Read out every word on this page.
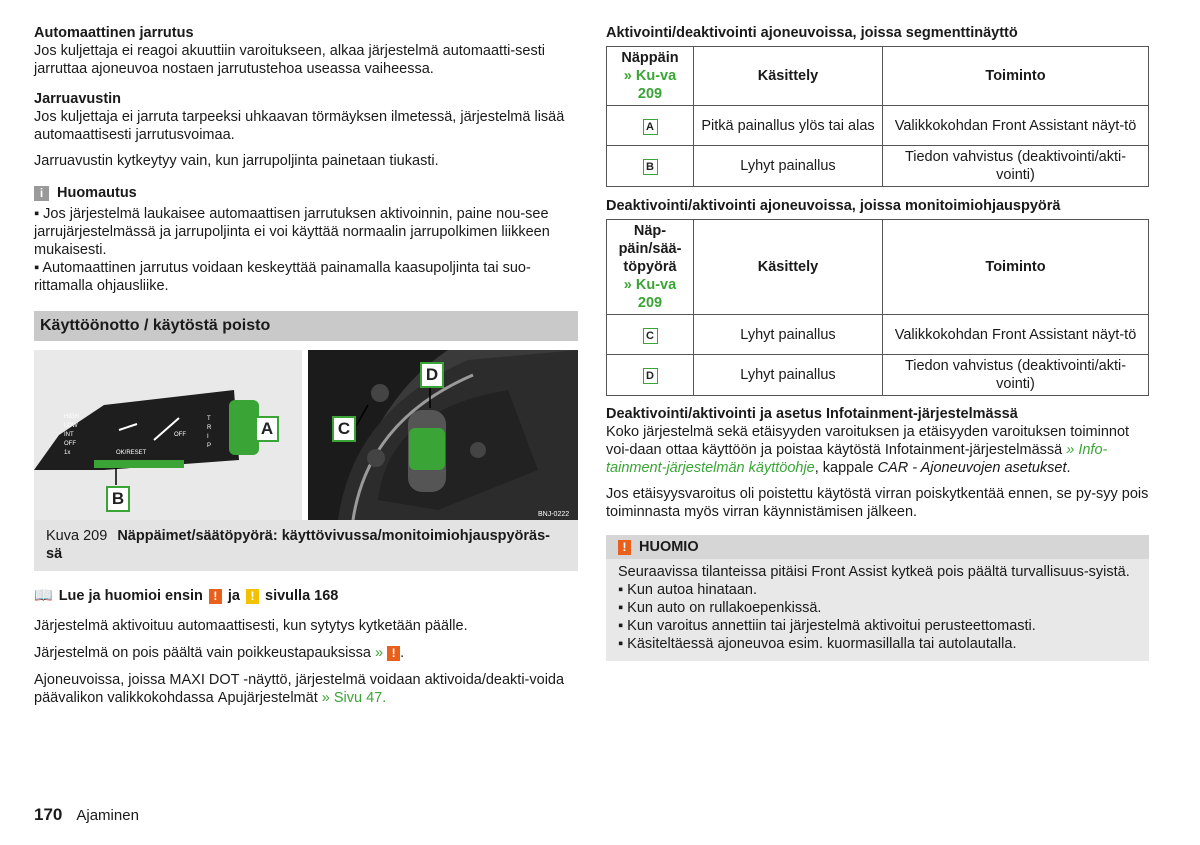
Automaattinen jarrutus

Jos kuljettaja ei reagoi akuuttiin varoitukseen, alkaa järjestelmä automaatti-sesti jarruttaa ajoneuvoa nostaen jarrutustehoa useassa vaiheessa.

Jarruavustin

Jos kuljettaja ei jarruta tarpeeksi uhkaavan törmäyksen ilmetessä, järjestelmä lisää automaattisesti jarrutusvoimaa.

Jarruavustin kytkeytyy vain, kun jarrupoljinta painetaan tiukasti.

i Huomautus

▪ Jos järjestelmä laukaisee automaattisen jarrutuksen aktivoinnin, paine nou-see jarrujärjestelmässä ja jarrupoljinta ei voi käyttää normaalin jarrupolkimen liikkeen mukaisesti.

▪ Automaattinen jarrutus voidaan keskeyttää painamalla kaasupoljinta tai suo-rittamalla ohjausliike.

Käyttöönotto / käytöstä poisto
HIGH
LOW
INT
OFF
1x	OK/RESET
OFF
T
R
I
P
A
B
BNJ-0222
D
C
Kuva 209 Näppäimet/säätöpyörä: käyttövivussa/monitoimiohjauspyöräs-sä
📖 Lue ja huomioi ensin ! ja ! sivulla 168

Järjestelmä aktivoituu automaattisesti, kun sytytys kytketään päälle.

Järjestelmä on pois päältä vain poikkeustapauksissa » ! .

Ajoneuvoissa, joissa MAXI DOT -näyttö, järjestelmä voidaan aktivoida/deakti-voida päävalikon valikkokohdassa Apujärjestelmät » Sivu 47.

Aktivointi/deaktivointi ajoneuvoissa, joissa segmenttinäyttö

Näppäin
» Ku-va 209	Käsittely	Toiminto
A	Pitkä painallus ylös tai alas	Valikkokohdan Front Assistant näyt-tö
B	Lyhyt painallus	Tiedon vahvistus (deaktivointi/akti-vointi)

Deaktivointi/aktivointi ajoneuvoissa, joissa monitoimiohjauspyörä

Näp-päin/sää-töpyörä
» Ku-va 209	Käsittely	Toiminto
C	Lyhyt painallus	Valikkokohdan Front Assistant näyt-tö
D	Lyhyt painallus	Tiedon vahvistus (deaktivointi/akti-vointi)

Deaktivointi/aktivointi ja asetus Infotainment-järjestelmässä

Koko järjestelmä sekä etäisyyden varoituksen ja etäisyyden varoituksen toiminnot voi-daan ottaa käyttöön ja poistaa käytöstä Infotainment-järjestelmässä » Info-tainment-järjestelmän käyttöohje, kappale CAR - Ajoneuvojen asetukset.

Jos etäisyysvaroitus oli poistettu käytöstä virran poiskytkentää ennen, se py-syy pois toiminnasta myös virran käynnistämisen jälkeen.

! HUOMIO

Seuraavissa tilanteissa pitäisi Front Assist kytkeä pois päältä turvallisuus-syistä.

▪ Kun autoa hinataan.

▪ Kun auto on rullakoepenkissä.

▪ Kun varoitus annettiin tai järjestelmä aktivoitui perusteettomasti.

▪ Käsiteltäessä ajoneuvoa esim. kuormasillalla tai autolautalla.

170 Ajaminen
